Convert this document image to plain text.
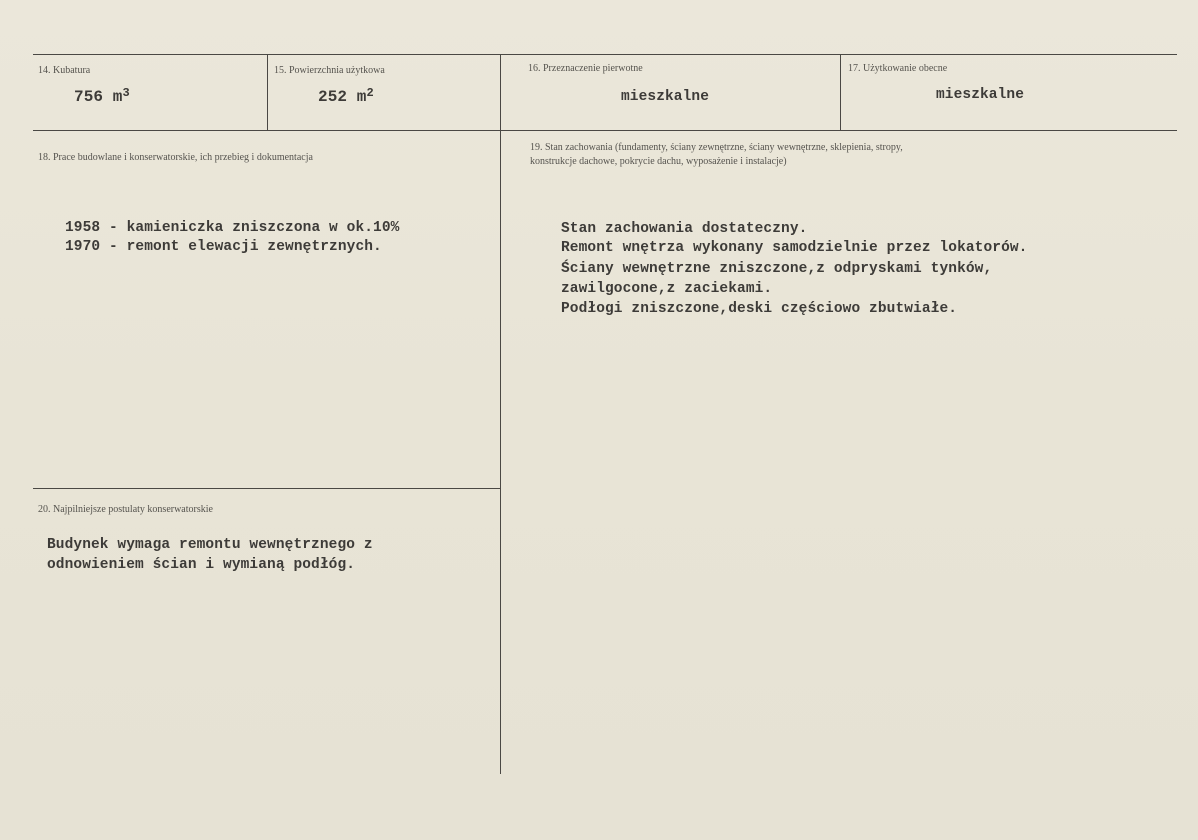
14. Kubatura
756 $m^3$
15. Powierzchnia użytkowa
252 $m^2$
16. Przeznaczenie pierwotne
mieszkalne
17. Użytkowanie obecne
mieszkalne
18. Prace budowlane i konserwatorskie, ich przebieg i dokumentacja
1958 - kamieniczka zniszczona w ok.10%
1970 - remont elewacji zewnętrznych.
19. Stan zachowania (fundamenty, ściany zewnętrzne, ściany wewnętrzne, sklepienia, stropy,
konstrukcje dachowe, pokrycie dachu, wyposażenie i instalacje)
Stan zachowania dostateczny.
Remont wnętrza wykonany samodzielnie przez lokatorów.
Ściany wewnętrzne zniszczone,z odpryskami tynków,
zawilgocone,z zaciekami.
Podłogi zniszczone,deski częściowo zbutwiałe.
20. Najpilniejsze postulaty konserwatorskie
Budynek wymaga remontu wewnętrznego z
odnowieniem ścian i wymianą podłóg.
